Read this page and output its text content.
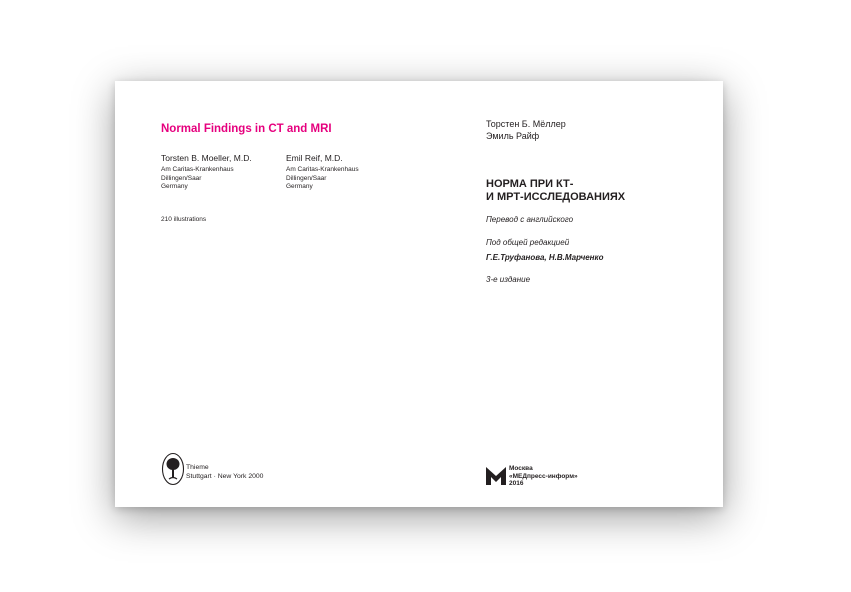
Normal Findings in CT and MRI
Torsten B. Moeller, M.D.
Am Caritas-Krankenhaus
Dillingen/Saar
Germany
Emil Reif, M.D.
Am Caritas-Krankenhaus
Dillingen/Saar
Germany
210 illustrations
Thieme
Stuttgart · New York 2000
Торстен Б. Мёллер
Эмиль Райф
НОРМА ПРИ КТ-
И МРТ-ИССЛЕДОВАНИЯХ
Перевод с английского
Под общей редакцией
Г.Е.Труфанова, Н.В.Марченко
3-е издание
Москва
«МЕДпресс-информ»
2016
